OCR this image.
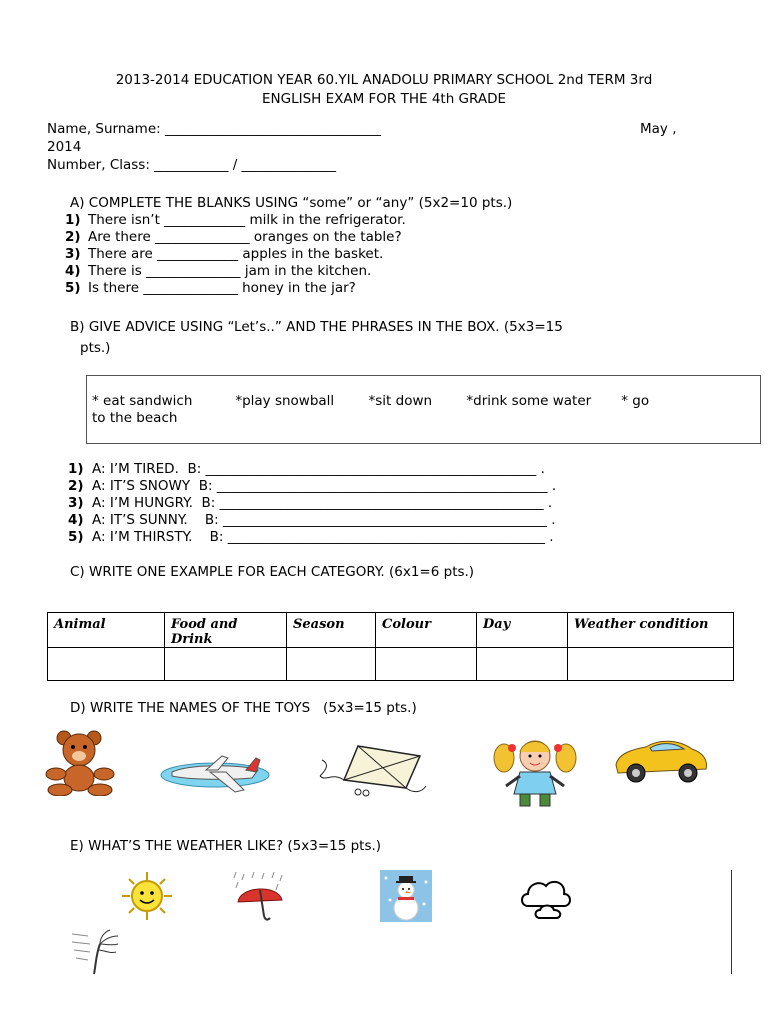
2013-2014 EDUCATION YEAR 60.YIL ANADOLU PRIMARY SCHOOL 2nd TERM 3rd
ENGLISH EXAM FOR THE 4th GRADE
Name, Surname: ________________________________	May ,
2014
Number, Class: ___________ / ______________
A) COMPLETE THE BLANKS USING “some” or “any” (5x2=10 pts.)
1) There isn’t ____________ milk in the refrigerator.
2) Are there ______________ oranges on the table?
3) There are ____________ apples in the basket.
4) There is ______________ jam in the kitchen.
5) Is there ______________ honey in the jar?
B) GIVE ADVICE USING “Let’s..” AND THE PHRASES IN THE BOX. (5x3=15
pts.)
* eat sandwich          *play snowball        *sit down        *drink some water       * go
to the beach
1) A: I’M TIRED.  B: _________________________________________________ .
2) A: IT’S SNOWY  B: _________________________________________________ .
3) A: I’M HUNGRY.  B: ________________________________________________ .
4) A: IT’S SUNNY.    B: ________________________________________________ .
5) A: I’M THIRSTY.    B: _______________________________________________ .
C) WRITE ONE EXAMPLE FOR EACH CATEGORY. (6x1=6 pts.)
Animal	Food and Drink	Season	Colour	Day	Weather condition

D) WRITE THE NAMES OF THE TOYS   (5x3=15 pts.)
E) WHAT’S THE WEATHER LIKE? (5x3=15 pts.)
